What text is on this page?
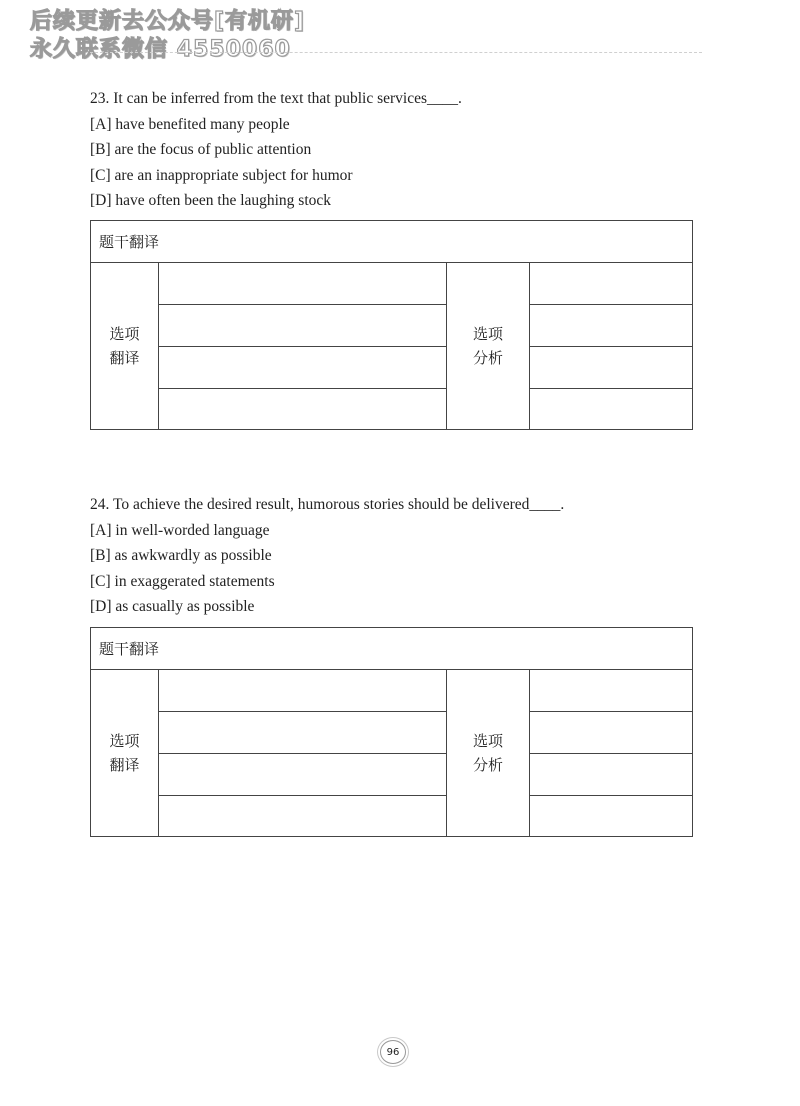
后续更新去公众号[有机研]
永久联系微信 4550060
23. It can be inferred from the text that public services____.
[A] have benefited many people
[B] are the focus of public attention
[C] are an inappropriate subject for humor
[D] have often been the laughing stock
题干翻译
选项
翻译
选项
分析
24. To achieve the desired result, humorous stories should be delivered____.
[A] in well-worded language
[B] as awkwardly as possible
[C] in exaggerated statements
[D] as casually as possible
题干翻译
选项
翻译
选项
分析
96
